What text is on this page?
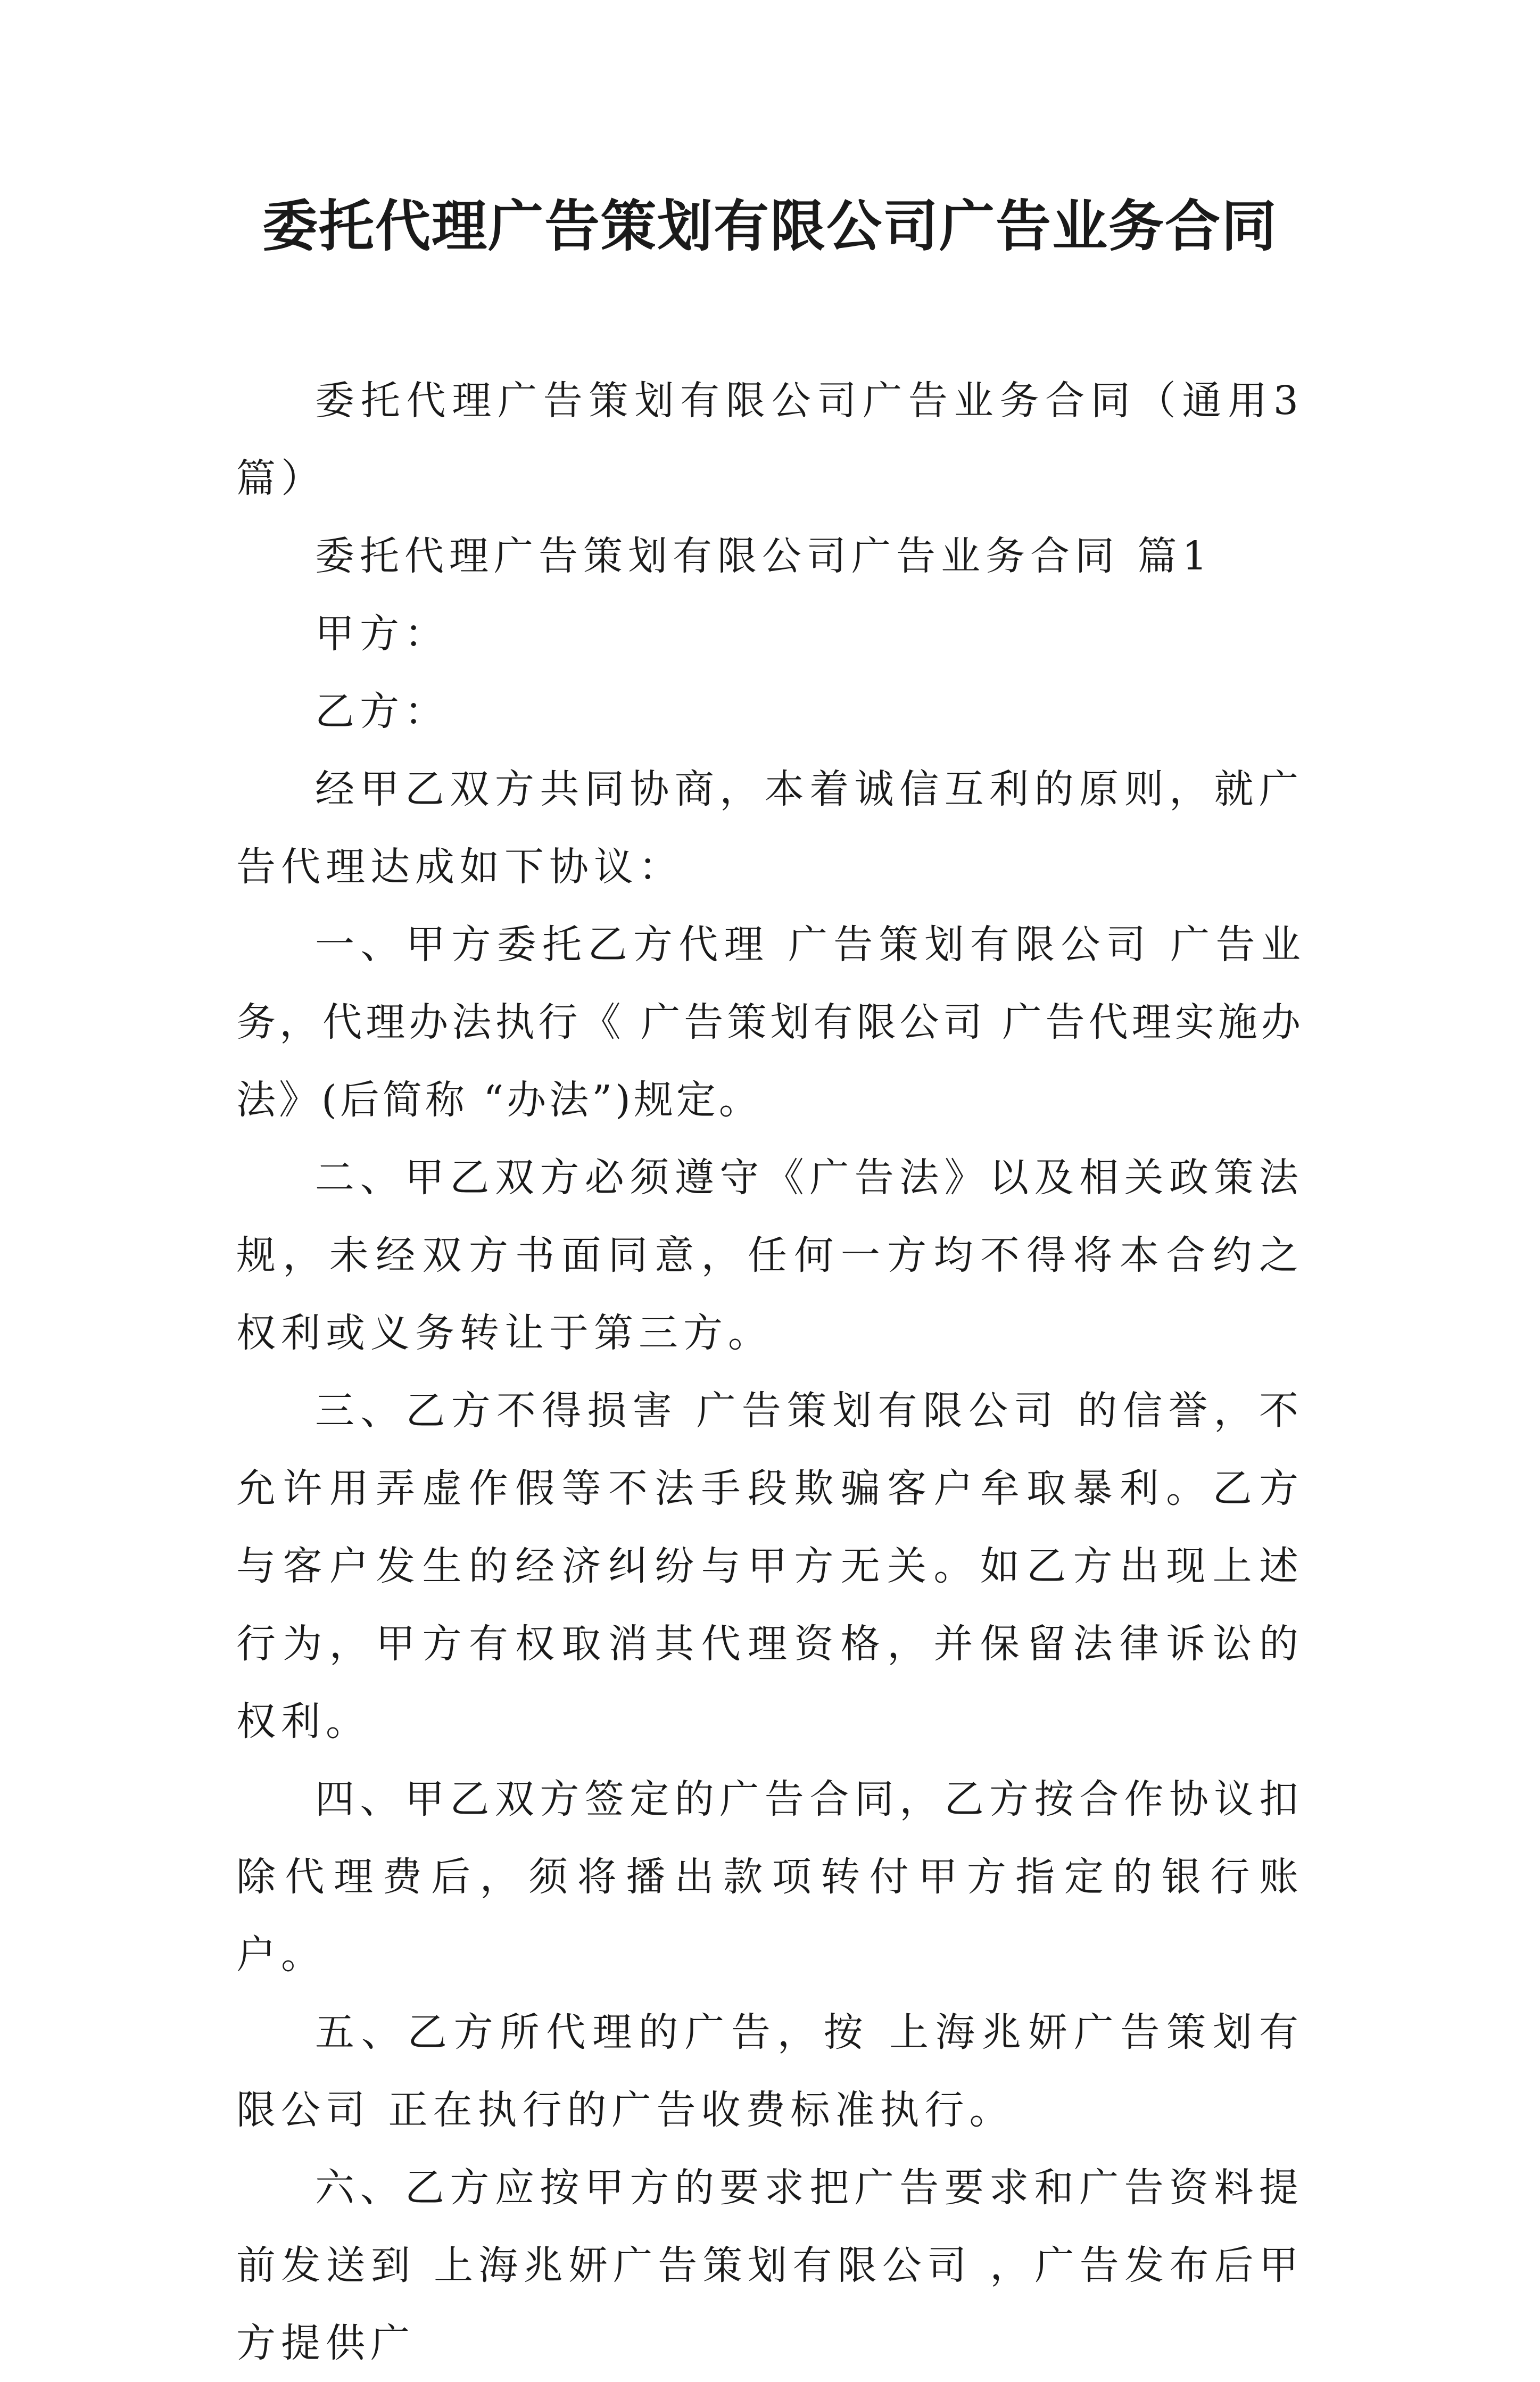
委托代理广告策划有限公司广告业务合同

委托代理广告策划有限公司广告业务合同（通用3篇）

委托代理广告策划有限公司广告业务合同 篇1

甲方：

乙方：

经甲乙双方共同协商，本着诚信互利的原则，就广告代理达成如下协议：

一、甲方委托乙方代理 广告策划有限公司 广告业务，代理办法执行《 广告策划有限公司 广告代理实施办法》(后简称 “办法”)规定。

二、甲乙双方必须遵守《广告法》以及相关政策法规，未经双方书面同意，任何一方均不得将本合约之权利或义务转让于第三方。

三、乙方不得损害 广告策划有限公司 的信誉，不允许用弄虚作假等不法手段欺骗客户牟取暴利。乙方与客户发生的经济纠纷与甲方无关。如乙方出现上述行为，甲方有权取消其代理资格，并保留法律诉讼的权利。

四、甲乙双方签定的广告合同，乙方按合作协议扣除代理费后，须将播出款项转付甲方指定的银行账户。

五、乙方所代理的广告，按 上海兆妍广告策划有限公司 正在执行的广告收费标准执行。

六、乙方应按甲方的要求把广告要求和广告资料提前发送到 上海兆妍广告策划有限公司 ，广告发布后甲方提供广
